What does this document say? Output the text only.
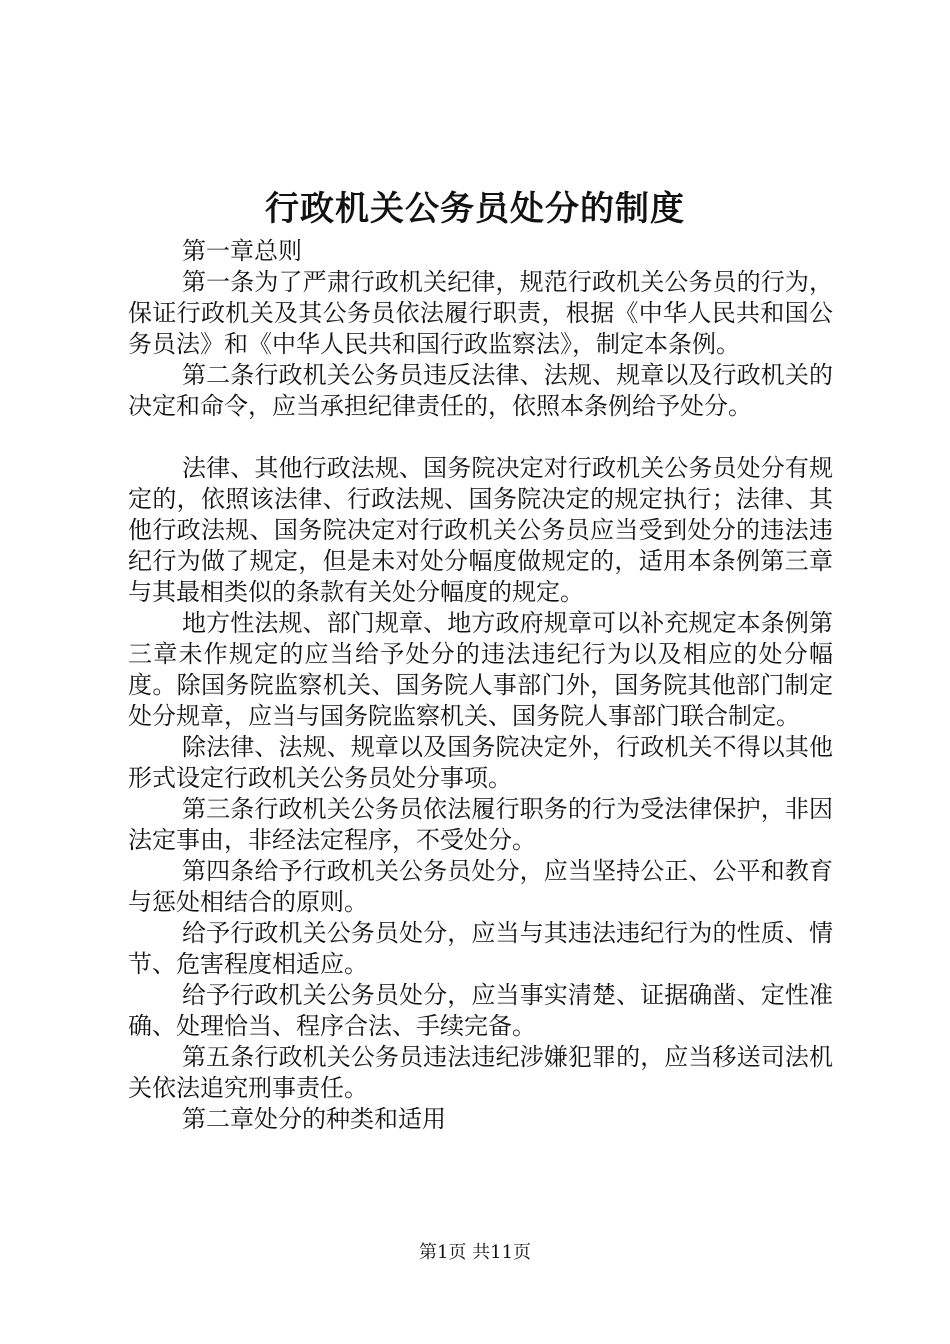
行政机关公务员处分的制度

第一章总则

第一条为了严肃行政机关纪律，规范行政机关公务员的行为，保证行政机关及其公务员依法履行职责，根据《中华人民共和国公务员法》和《中华人民共和国行政监察法》，制定本条例。

第二条行政机关公务员违反法律、法规、规章以及行政机关的决定和命令，应当承担纪律责任的，依照本条例给予处分。

法律、其他行政法规、国务院决定对行政机关公务员处分有规定的，依照该法律、行政法规、国务院决定的规定执行；法律、其他行政法规、国务院决定对行政机关公务员应当受到处分的违法违纪行为做了规定，但是未对处分幅度做规定的，适用本条例第三章与其最相类似的条款有关处分幅度的规定。

地方性法规、部门规章、地方政府规章可以补充规定本条例第三章未作规定的应当给予处分的违法违纪行为以及相应的处分幅度。除国务院监察机关、国务院人事部门外，国务院其他部门制定处分规章，应当与国务院监察机关、国务院人事部门联合制定。

除法律、法规、规章以及国务院决定外，行政机关不得以其他形式设定行政机关公务员处分事项。

第三条行政机关公务员依法履行职务的行为受法律保护，非因法定事由，非经法定程序，不受处分。

第四条给予行政机关公务员处分，应当坚持公正、公平和教育与惩处相结合的原则。

给予行政机关公务员处分，应当与其违法违纪行为的性质、情节、危害程度相适应。

给予行政机关公务员处分，应当事实清楚、证据确凿、定性准确、处理恰当、程序合法、手续完备。

第五条行政机关公务员违法违纪涉嫌犯罪的，应当移送司法机关依法追究刑事责任。

第二章处分的种类和适用

第1页 共11页
